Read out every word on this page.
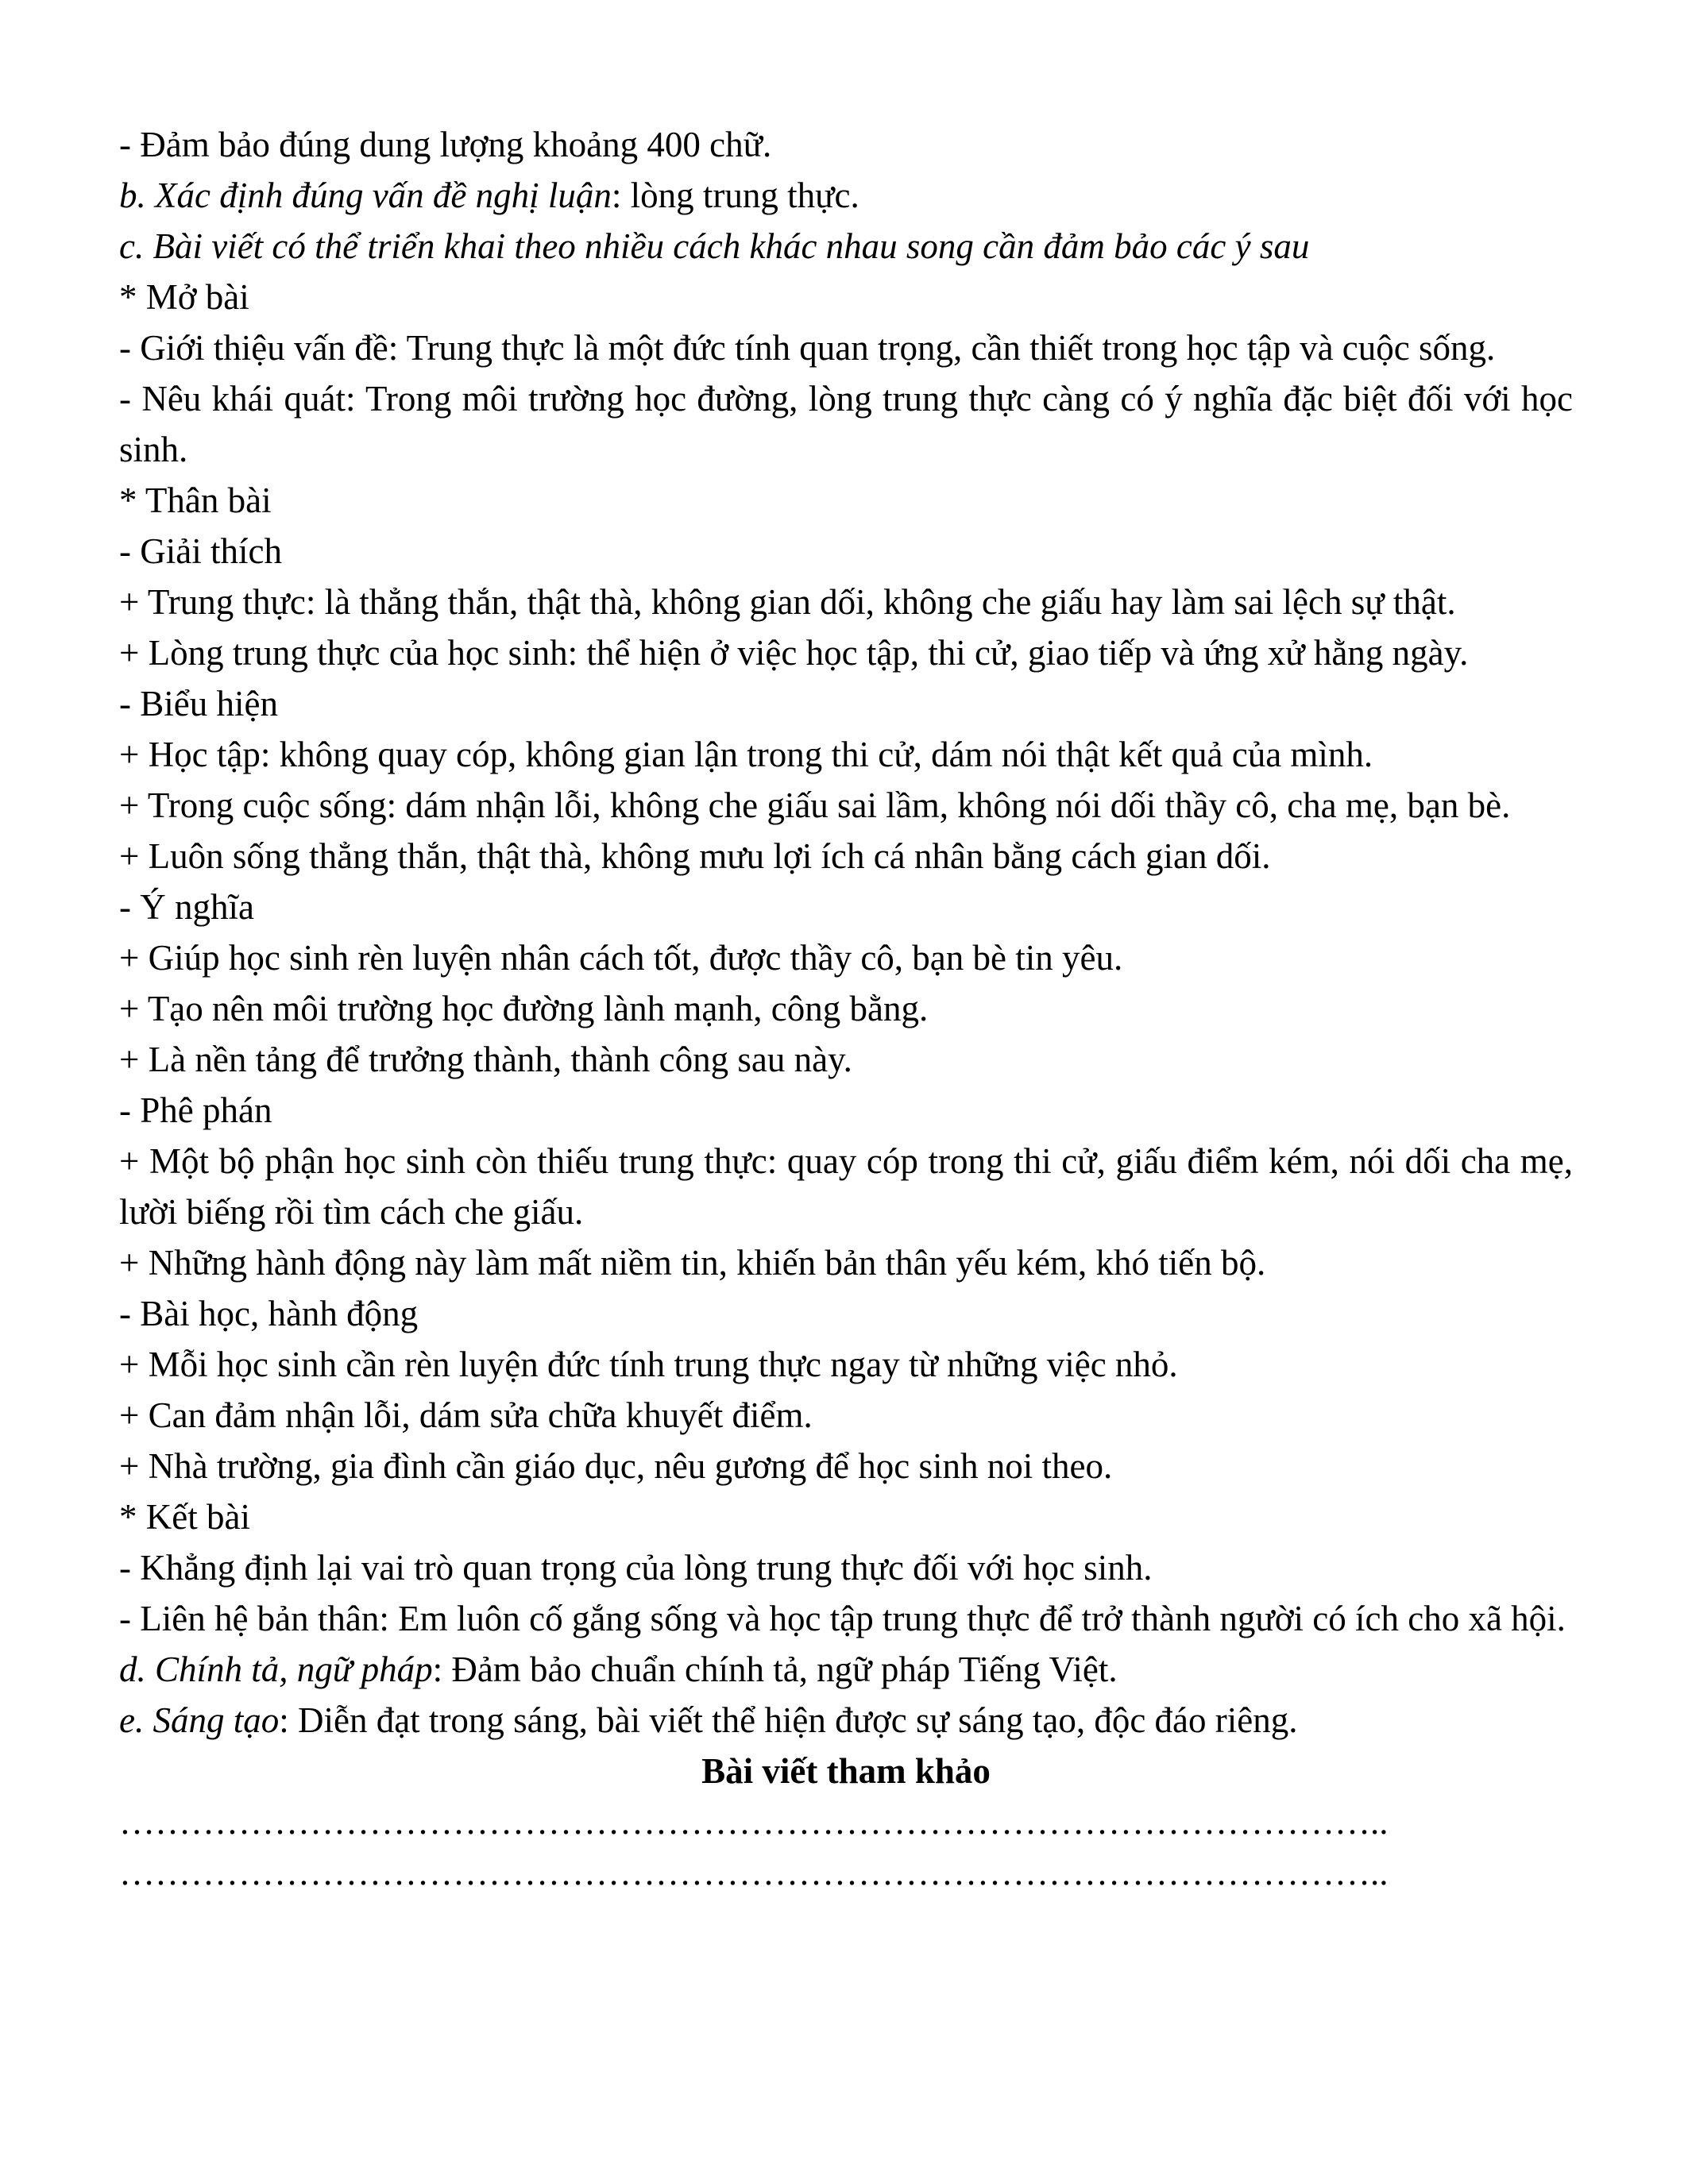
- Đảm bảo đúng dung lượng khoảng 400 chữ.

b. Xác định đúng vấn đề nghị luận: lòng trung thực.

c. Bài viết có thể triển khai theo nhiều cách khác nhau song cần đảm bảo các ý sau

* Mở bài

- Giới thiệu vấn đề: Trung thực là một đức tính quan trọng, cần thiết trong học tập và cuộc sống.

- Nêu khái quát: Trong môi trường học đường, lòng trung thực càng có ý nghĩa đặc biệt đối với học sinh.

* Thân bài

- Giải thích

+ Trung thực: là thẳng thắn, thật thà, không gian dối, không che giấu hay làm sai lệch sự thật.

+ Lòng trung thực của học sinh: thể hiện ở việc học tập, thi cử, giao tiếp và ứng xử hằng ngày.

- Biểu hiện

+ Học tập: không quay cóp, không gian lận trong thi cử, dám nói thật kết quả của mình.

+ Trong cuộc sống: dám nhận lỗi, không che giấu sai lầm, không nói dối thầy cô, cha mẹ, bạn bè.

+ Luôn sống thẳng thắn, thật thà, không mưu lợi ích cá nhân bằng cách gian dối.

- Ý nghĩa

+ Giúp học sinh rèn luyện nhân cách tốt, được thầy cô, bạn bè tin yêu.

+ Tạo nên môi trường học đường lành mạnh, công bằng.

+ Là nền tảng để trưởng thành, thành công sau này.

- Phê phán

+ Một bộ phận học sinh còn thiếu trung thực: quay cóp trong thi cử, giấu điểm kém, nói dối cha mẹ, lười biếng rồi tìm cách che giấu.

+ Những hành động này làm mất niềm tin, khiến bản thân yếu kém, khó tiến bộ.

- Bài học, hành động

+ Mỗi học sinh cần rèn luyện đức tính trung thực ngay từ những việc nhỏ.

+ Can đảm nhận lỗi, dám sửa chữa khuyết điểm.

+ Nhà trường, gia đình cần giáo dục, nêu gương để học sinh noi theo.

* Kết bài

- Khẳng định lại vai trò quan trọng của lòng trung thực đối với học sinh.

- Liên hệ bản thân: Em luôn cố gắng sống và học tập trung thực để trở thành người có ích cho xã hội.

d. Chính tả, ngữ pháp: Đảm bảo chuẩn chính tả, ngữ pháp Tiếng Việt.

e. Sáng tạo: Diễn đạt trong sáng, bài viết thể hiện được sự sáng tạo, độc đáo riêng.

Bài viết tham khảo

……………………………………………………………………………………………..

……………………………………………………………………………………………..
